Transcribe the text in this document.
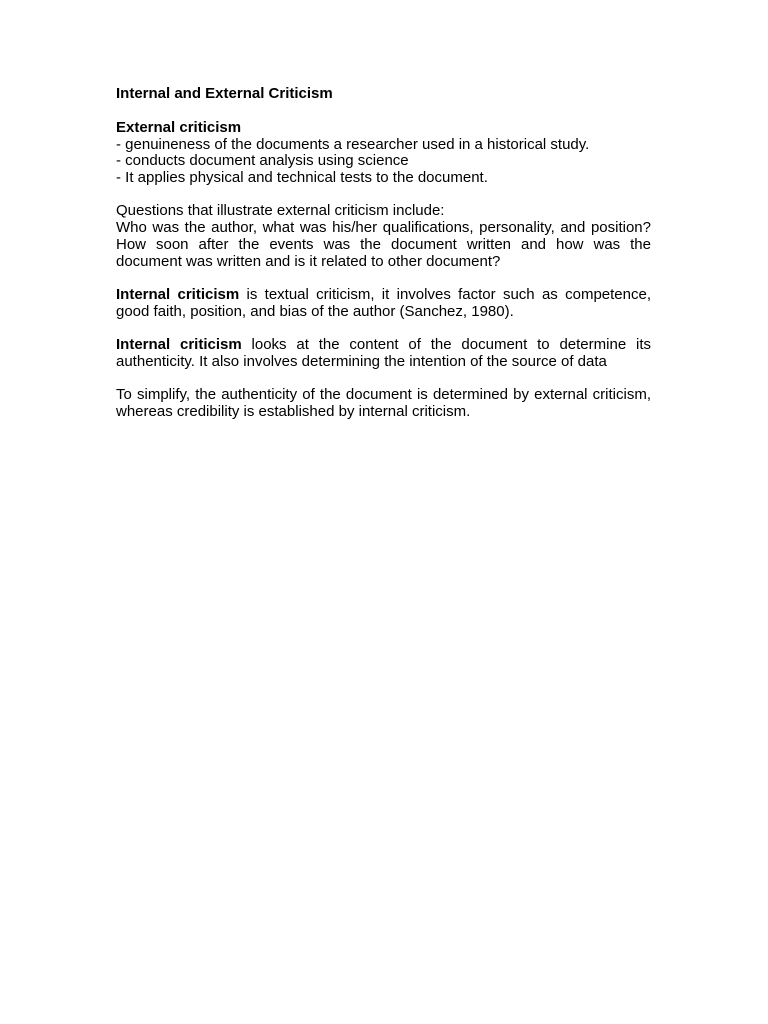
Internal and External Criticism

External criticism

- genuineness of the documents a researcher used in a historical study.

- conducts document analysis using science

- It applies physical and technical tests to the document.

Questions that illustrate external criticism include:

Who was the author, what was his/her qualifications, personality, and position? How soon after the events was the document written and how was the document was written and is it related to other document?

Internal criticism is textual criticism, it involves factor such as competence, good faith, position, and bias of the author (Sanchez, 1980).

Internal criticism looks at the content of the document to determine its authenticity. It also involves determining the intention of the source of data

To simplify, the authenticity of the document is determined by external criticism, whereas credibility is established by internal criticism.
